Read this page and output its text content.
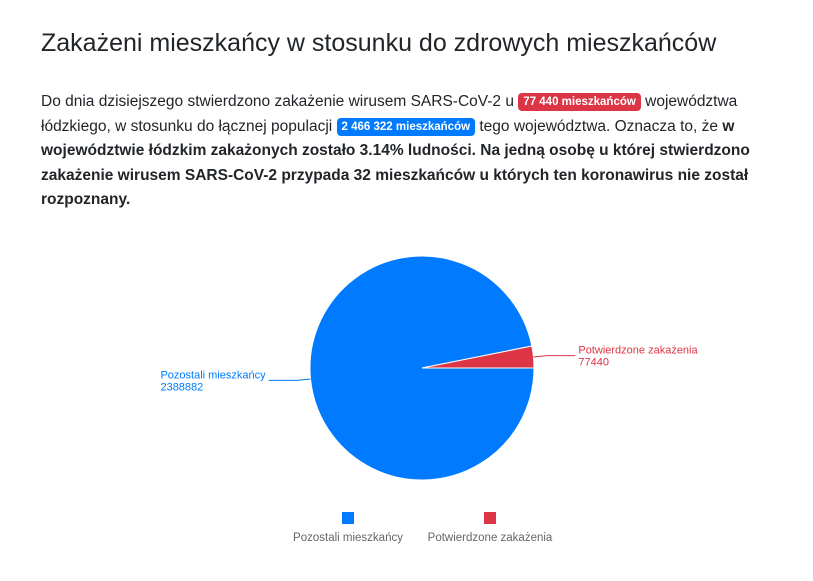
Zakażeni mieszkańcy w stosunku do zdrowych mieszkańców

Do dnia dzisiejszego stwierdzono zakażenie wirusem SARS-CoV-2 u 77 440 mieszkańców województwa łódzkiego, w stosunku do łącznej populacji 2 466 322 mieszkańców tego województwa. Oznacza to, że w województwie łódzkim zakażonych zostało 3.14% ludności. Na jedną osobę u której stwierdzono zakażenie wirusem SARS-CoV-2 przypada 32 mieszkańców u których ten koronawirus nie został rozpoznany.

Pozostali mieszkańcy
2388882
Potwierdzone zakażenia
77440
Pozostali mieszkańcy Potwierdzone zakażenia
